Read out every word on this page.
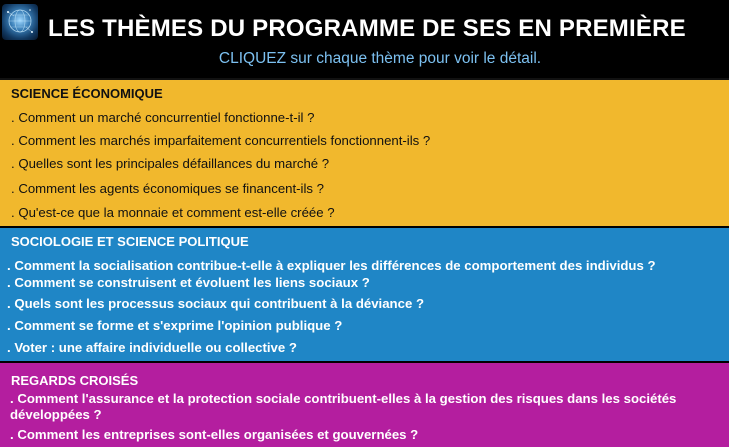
LES THÈMES DU PROGRAMME DE SES EN PREMIÈRE
CLIQUEZ sur chaque thème pour voir le détail.
SCIENCE ÉCONOMIQUE
. Comment un marché concurrentiel fonctionne-t-il ?
. Comment les marchés imparfaitement concurrentiels fonctionnent-ils ?
. Quelles sont les principales défaillances du marché ?
. Comment les agents économiques se financent-ils ?
. Qu'est-ce que la monnaie et comment est-elle créée ?
SOCIOLOGIE ET SCIENCE POLITIQUE
. Comment la socialisation contribue-t-elle à expliquer les différences de comportement des individus ?
. Comment se construisent et évoluent les liens sociaux ?
. Quels sont les processus sociaux qui contribuent à la déviance ?
. Comment se forme et s'exprime l'opinion publique ?
. Voter : une affaire individuelle ou collective ?
REGARDS CROISÉS
. Comment l'assurance et la protection sociale contribuent-elles à la gestion des risques dans les sociétés développées ?
. Comment les entreprises sont-elles organisées et gouvernées ?
